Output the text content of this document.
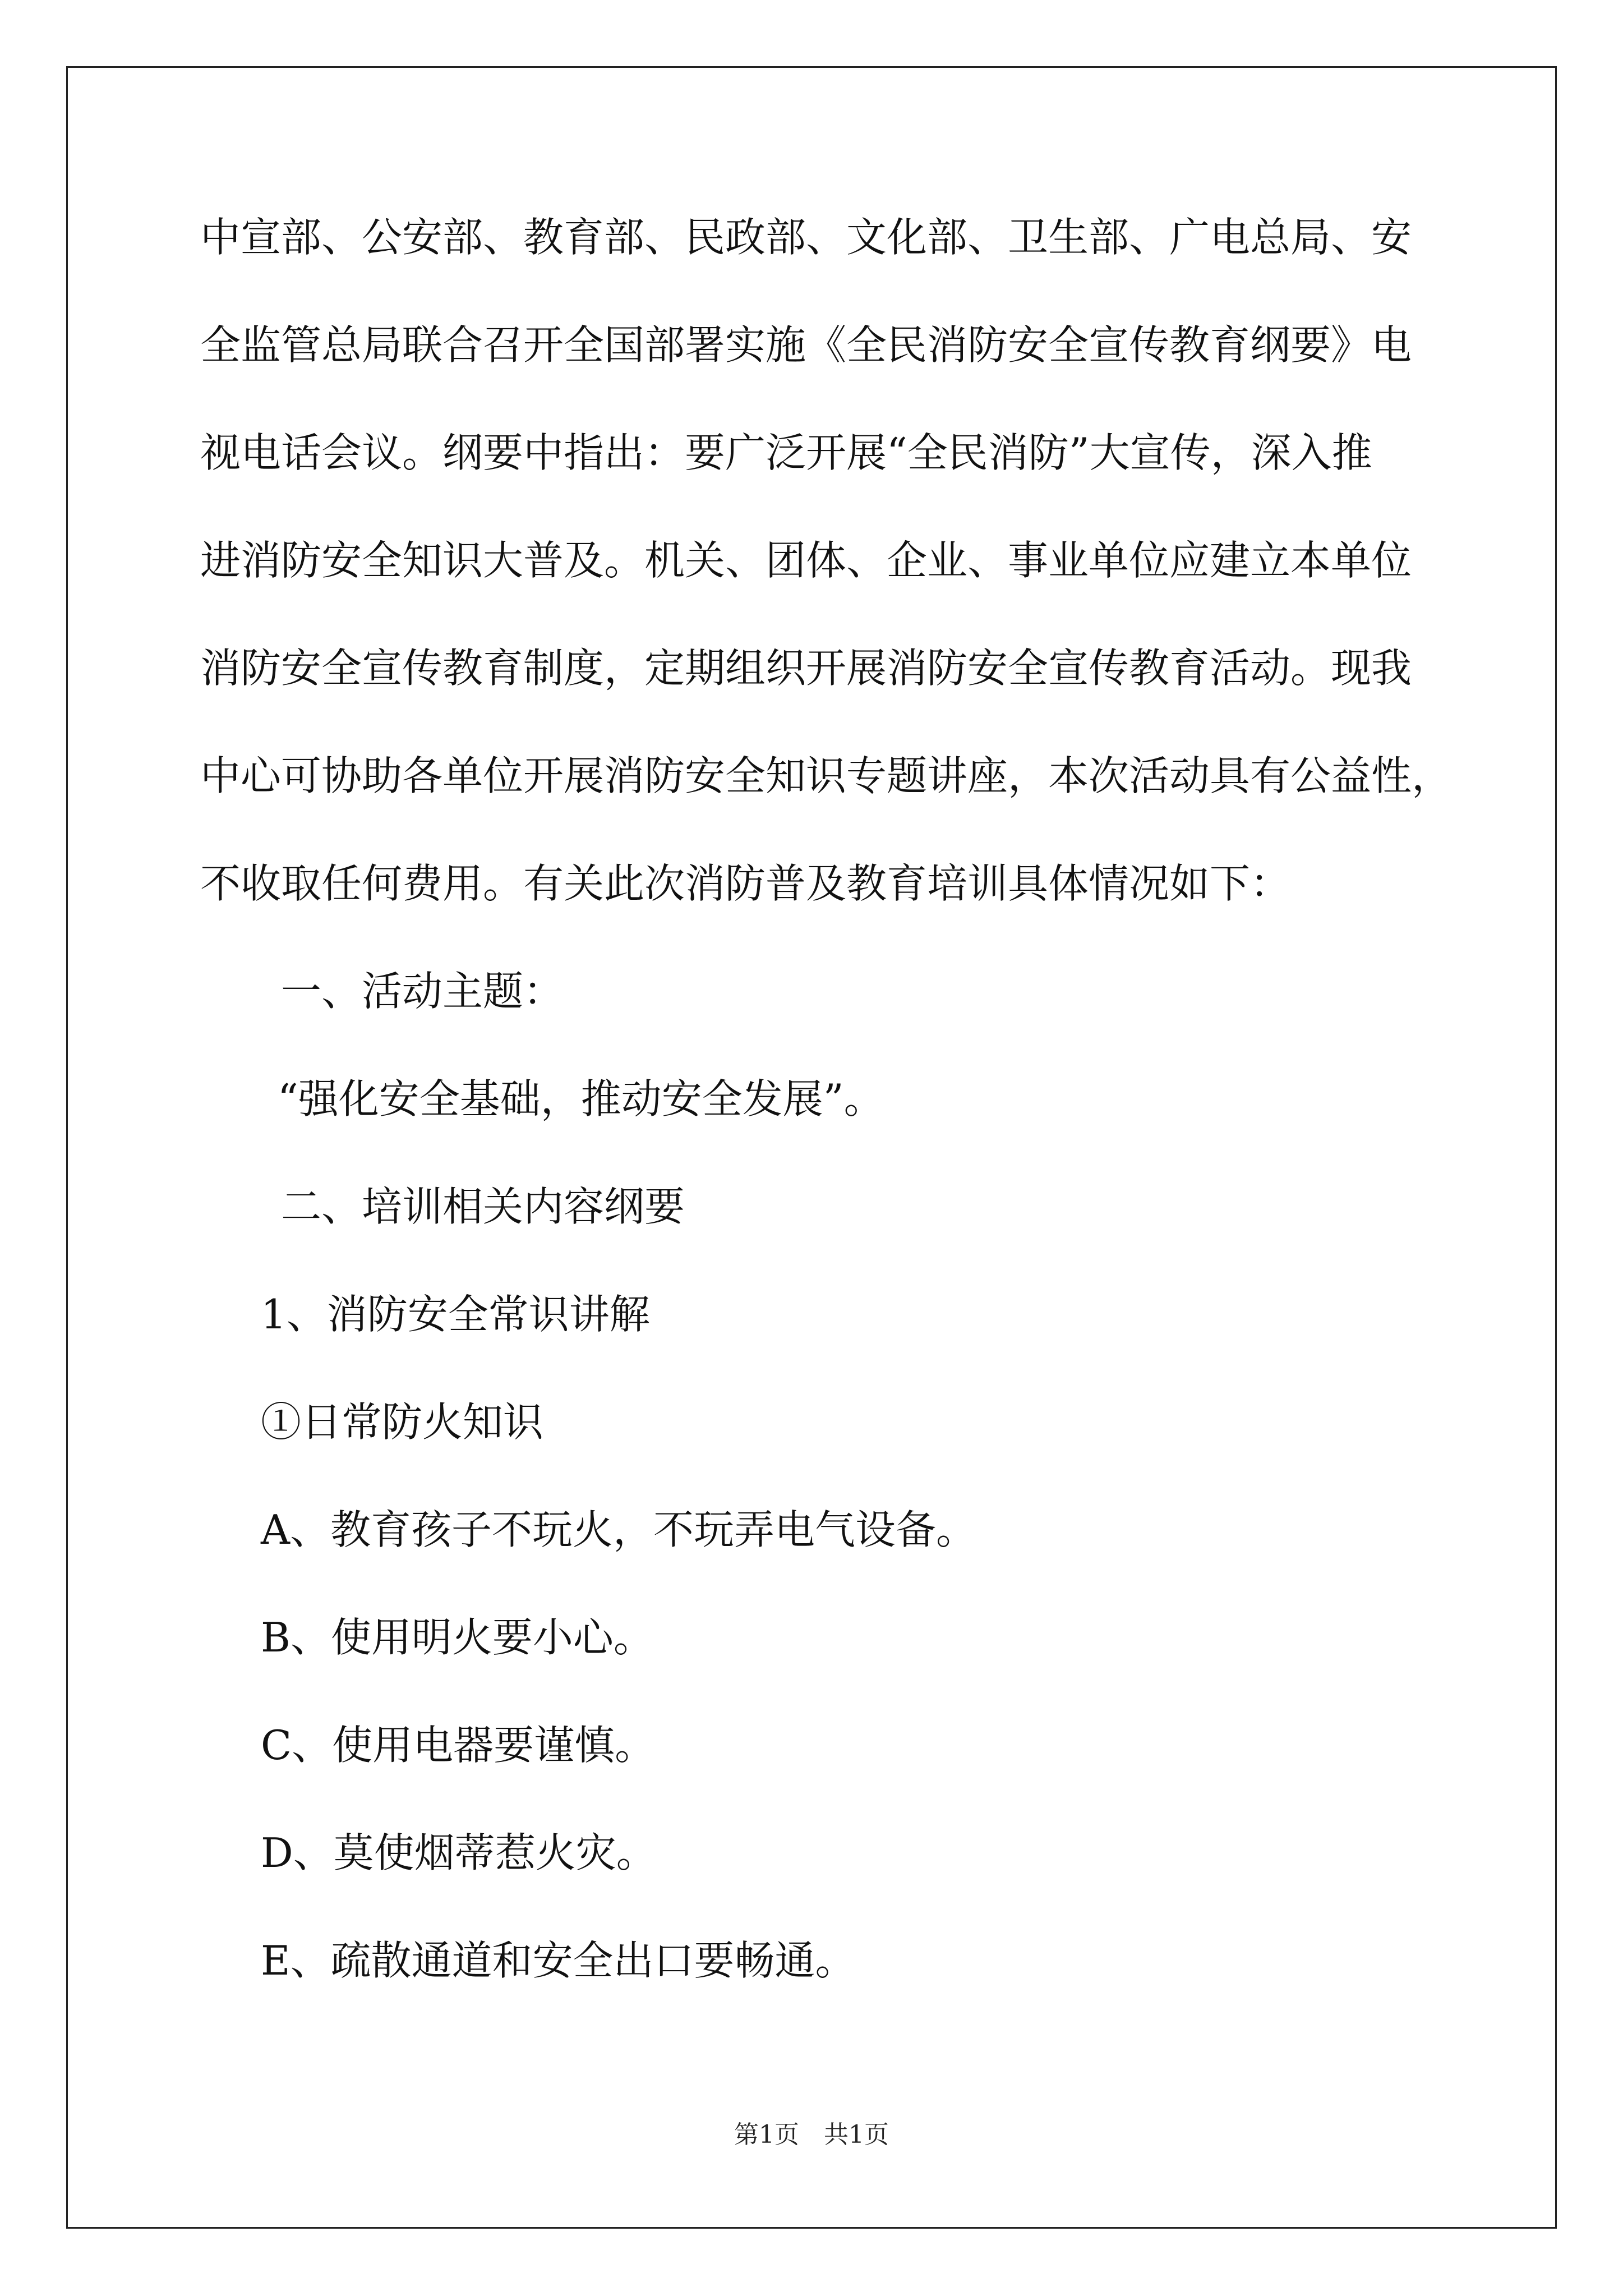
中宣部、公安部、教育部、民政部、文化部、卫生部、广电总局、安
全监管总局联合召开全国部署实施《全民消防安全宣传教育纲要》电
视电话会议。纲要中指出：要广泛开展“全民消防”大宣传，深入推
进消防安全知识大普及。机关、团体、企业、事业单位应建立本单位
消防安全宣传教育制度，定期组织开展消防安全宣传教育活动。现我
中心可协助各单位开展消防安全知识专题讲座，本次活动具有公益性，
不收取任何费用。有关此次消防普及教育培训具体情况如下：
一、活动主题：
“强化安全基础，推动安全发展”。
二、培训相关内容纲要
1、消防安全常识讲解
①日常防火知识
A、教育孩子不玩火，不玩弄电气设备。
B、使用明火要小心。
C、使用电器要谨慎。
D、莫使烟蒂惹火灾。
E、疏散通道和安全出口要畅通。
第1页　共1页
